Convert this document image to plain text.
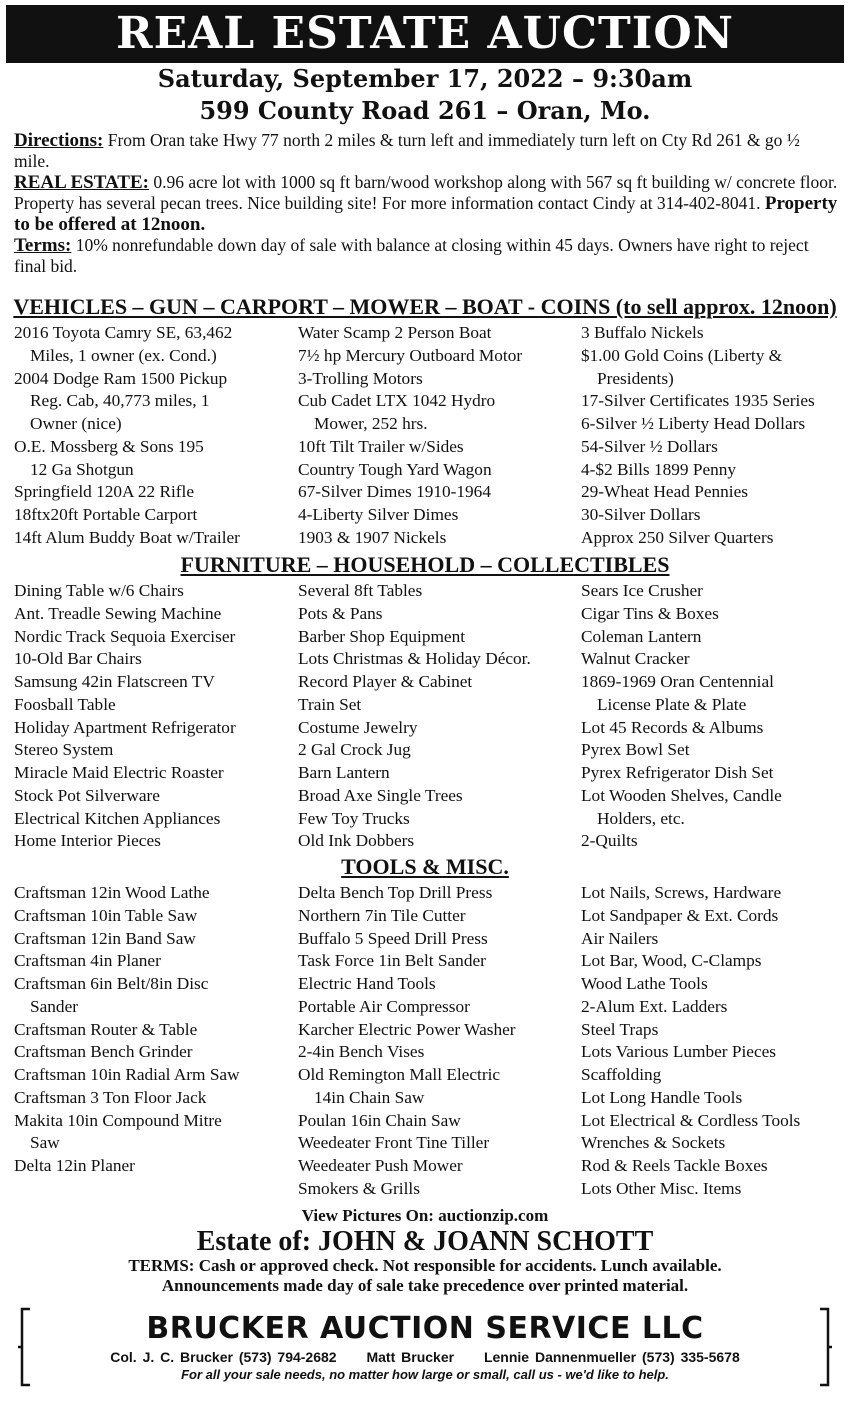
REAL ESTATE AUCTION
Saturday, September 17, 2022 – 9:30am
599 County Road 261 – Oran, Mo.

Directions: From Oran take Hwy 77 north 2 miles & turn left and immediately turn left on Cty Rd 261 & go ½ mile.

REAL ESTATE: 0.96 acre lot with 1000 sq ft barn/wood workshop along with 567 sq ft building w/ concrete floor. Property has several pecan trees. Nice building site! For more information contact Cindy at 314-402-8041. Property to be offered at 12noon.

Terms: 10% nonrefundable down day of sale with balance at closing within 45 days. Owners have right to reject final bid.

VEHICLES – GUN – CARPORT – MOWER – BOAT - COINS (to sell approx. 12noon)
2016 Toyota Camry SE, 63,462
Miles, 1 owner (ex. Cond.)
2004 Dodge Ram 1500 Pickup
Reg. Cab, 40,773 miles, 1
Owner (nice)
O.E. Mossberg & Sons 195
12 Ga Shotgun
Springfield 120A 22 Rifle
18ftx20ft Portable Carport
14ft Alum Buddy Boat w/Trailer
Water Scamp 2 Person Boat
7½ hp Mercury Outboard Motor
3-Trolling Motors
Cub Cadet LTX 1042 Hydro
Mower, 252 hrs.
10ft Tilt Trailer w/Sides
Country Tough Yard Wagon
67-Silver Dimes 1910-1964
4-Liberty Silver Dimes
1903 & 1907 Nickels
3 Buffalo Nickels
$1.00 Gold Coins (Liberty &
Presidents)
17-Silver Certificates 1935 Series
6-Silver ½ Liberty Head Dollars
54-Silver ½ Dollars
4-$2 Bills 1899 Penny
29-Wheat Head Pennies
30-Silver Dollars
Approx 250 Silver Quarters
FURNITURE – HOUSEHOLD – COLLECTIBLES
Dining Table w/6 Chairs
Ant. Treadle Sewing Machine
Nordic Track Sequoia Exerciser
10-Old Bar Chairs
Samsung 42in Flatscreen TV
Foosball Table
Holiday Apartment Refrigerator
Stereo System
Miracle Maid Electric Roaster
Stock Pot Silverware
Electrical Kitchen Appliances
Home Interior Pieces
Several 8ft Tables
Pots & Pans
Barber Shop Equipment
Lots Christmas & Holiday Décor.
Record Player & Cabinet
Train Set
Costume Jewelry
2 Gal Crock Jug
Barn Lantern
Broad Axe Single Trees
Few Toy Trucks
Old Ink Dobbers
Sears Ice Crusher
Cigar Tins & Boxes
Coleman Lantern
Walnut Cracker
1869-1969 Oran Centennial
License Plate & Plate
Lot 45 Records & Albums
Pyrex Bowl Set
Pyrex Refrigerator Dish Set
Lot Wooden Shelves, Candle
Holders, etc.
2-Quilts
TOOLS & MISC.
Craftsman 12in Wood Lathe
Craftsman 10in Table Saw
Craftsman 12in Band Saw
Craftsman 4in Planer
Craftsman 6in Belt/8in Disc
Sander
Craftsman Router & Table
Craftsman Bench Grinder
Craftsman 10in Radial Arm Saw
Craftsman 3 Ton Floor Jack
Makita 10in Compound Mitre
Saw
Delta 12in Planer
Delta Bench Top Drill Press
Northern 7in Tile Cutter
Buffalo 5 Speed Drill Press
Task Force 1in Belt Sander
Electric Hand Tools
Portable Air Compressor
Karcher Electric Power Washer
2-4in Bench Vises
Old Remington Mall Electric
14in Chain Saw
Poulan 16in Chain Saw
Weedeater Front Tine Tiller
Weedeater Push Mower
Smokers & Grills
Lot Nails, Screws, Hardware
Lot Sandpaper & Ext. Cords
Air Nailers
Lot Bar, Wood, C-Clamps
Wood Lathe Tools
2-Alum Ext. Ladders
Steel Traps
Lots Various Lumber Pieces
Scaffolding
Lot Long Handle Tools
Lot Electrical & Cordless Tools
Wrenches & Sockets
Rod & Reels Tackle Boxes
Lots Other Misc. Items
View Pictures On: auctionzip.com
Estate of: JOHN & JOANN SCHOTT
TERMS: Cash or approved check. Not responsible for accidents. Lunch available.
Announcements made day of sale take precedence over printed material.
BRUCKER AUCTION SERVICE LLC
Col. J. C. Brucker (573) 794-2682 Matt Brucker Lennie Dannenmueller (573) 335-5678
For all your sale needs, no matter how large or small, call us - we'd like to help.
